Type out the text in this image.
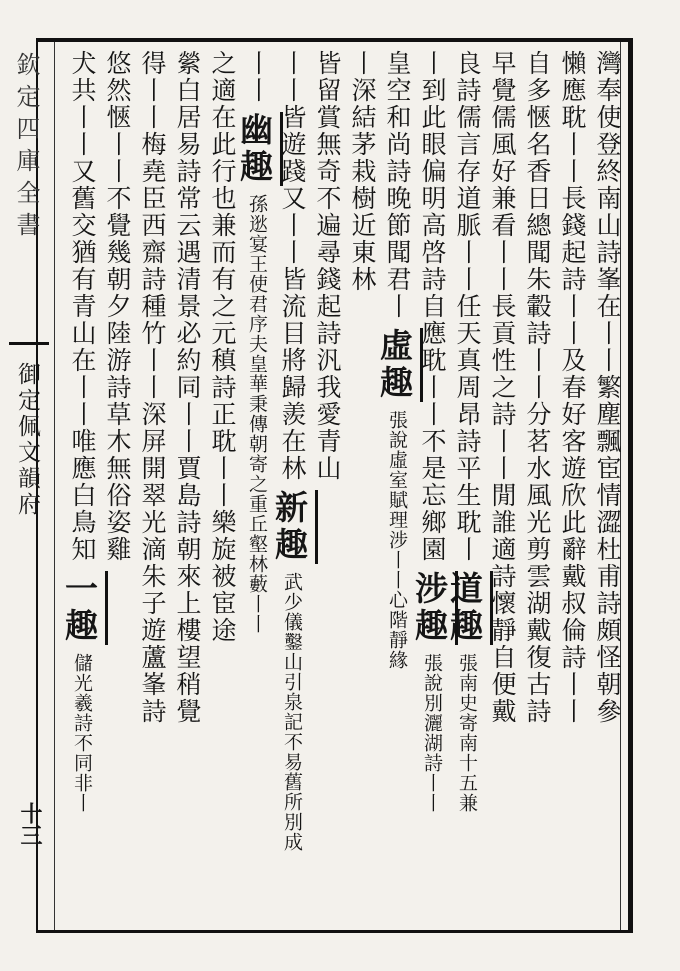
欽定四庫全書
御定佩文韻府
十三
灣奉使登終南山詩峯在丨丨繁塵飄宦情澀杜甫詩頗怪朝參
懶應耽丨丨長錢起詩丨丨及春好客遊欣此辭戴叔倫詩丨丨
自多愜名香日總聞朱轂詩丨丨分茗水風光剪雲湖戴復古詩
早覺儒風好兼看丨丨長貢性之詩丨丨閒誰適詩懷靜自便戴
良詩儒言存道脈丨丨任天真周昂詩平生耽丨
道趣
張南史寄南十五兼
丨到此眼偏明高啓詩自應耽丨丨不是忘鄉園
涉趣
張說別灑湖詩丨丨
皇空和尚詩晚節聞君丨
虛趣
張說虛室賦理涉丨丨心階靜緣
丨深結茅栽樹近東林
皆留賞無奇不遍尋錢起詩汎我愛青山
丨丨皆遊踐又丨丨皆流目將歸羨在林
新趣
武少儀鑿山引泉記不易舊所別成
丨丨
幽趣
孫逖宴王使君序夫皇華秉傳朝寄之重丘壑林藪丨丨
之適在此行也兼而有之元稹詩正耽丨丨樂旋被宦途
縈白居易詩常云遇清景必約同丨丨賈島詩朝來上樓望稍覺
得丨丨梅堯臣西齋詩種竹丨丨深屏開翠光滴朱子遊蘆峯詩
悠然愜丨丨不覺幾朝夕陸游詩草木無俗姿雞
犬共丨丨又舊交猶有青山在丨丨唯應白鳥知
一趣
儲光羲詩不同非丨
